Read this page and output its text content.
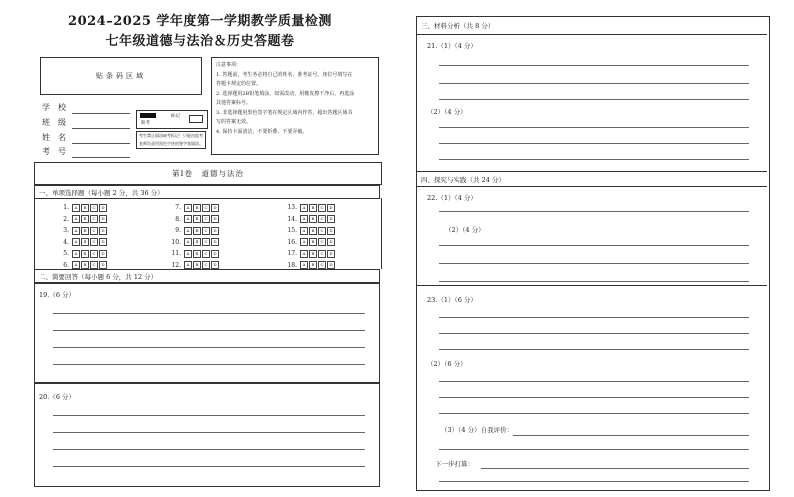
2024–2025 学年度第一学期教学质量检测
七年级道德与法治＆历史答题卷
贴条码区域
注意事项：
1. 答题前，考生务必将自己的姓名、准考证号、座位号填写在
答题卡规定的位置。
2. 选择题用2B铅笔填涂，如需改动，用橡皮擦干净后，再选涂
其他答案标号。
3. 非选择题用黑色签字笔在规定区域内作答，超出答题区域书
写的答案无效。
4. 保持卡面清洁，不要折叠、不要弄破。
学　校
班　级
姓　名
考　号
缺考
标记
考生禁止填涂缺考标记！只能由监考老师负责用黑色字迹的签字笔填涂。
第Ⅰ卷　道德与法治
一、单项选择题（每小题 2 分，共 36 分）
1.	A	B	C	D
2.	A	B	C	D
3.	A	B	C	D
4.	A	B	C	D
5.	A	B	C	D
6.	A	B	C	D
7.	A	B	C	D
8.	A	B	C	D
9.	A	B	C	D
10.	A	B	C	D
11.	A	B	C	D
12.	A	B	C	D
13.	A	B	C	D
14.	A	B	C	D
15.	A	B	C	D
16.	A	B	C	D
17.	A	B	C	D
18.	A	B	C	D
二、简要回答（每小题 6 分，共 12 分）
19.（6 分）
20.（6 分）
三、材料分析（共 8 分）
21.（1）（4 分）
（2）（4 分）
四、探究与实践（共 24 分）
22.（1）（4 分）
（2）（4 分）
23.（1）（6 分）
（2）（6 分）
（3）（4 分）自我评价：
下一步打算：
